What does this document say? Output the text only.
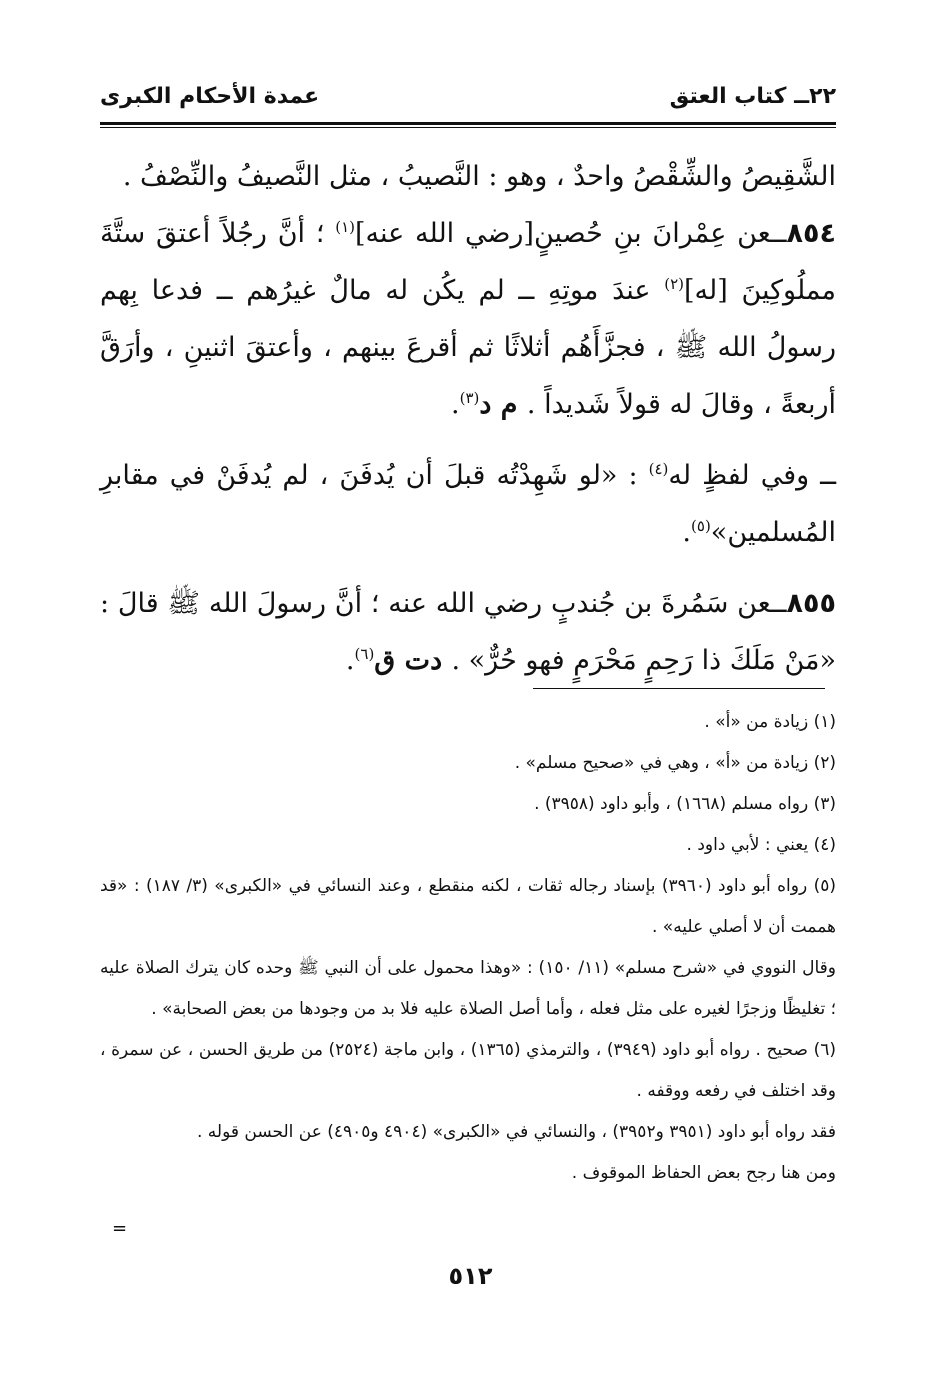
٢٢ــ كتاب العتق
عمدة الأحكام الكبرى

الشَّقِيصُ والشِّقْصُ واحدٌ ، وهو : النَّصيبُ ، مثل النَّصيفُ والنِّصْفُ .

٨٥٤ــعن عِمْرانَ بنِ حُصينٍ[رضي الله عنه]$^{(١)}$ ؛ أنَّ رجُلاً أعتقَ ستَّةَ مملُوكِينَ [له]$^{(٢)}$ عندَ موتِهِ ــ لم يكُن له مالٌ غيرُهم ــ فدعا بِهم رسولُ الله ﷺ ، فجزَّأَهُم أثلاثًا ثم أقرعَ بينهم ، وأعتقَ اثنينِ ، وأرَقَّ أربعةً ، وقالَ له قولاً شَديداً . م د$^{(٣)}$.

ــ وفي لفظٍ له$^{(٤)}$ : «لو شَهِدْتُه قبلَ أن يُدفَنَ ، لم يُدفَنْ في مقابرِ المُسلمين»$^{(٥)}$.

٨٥٥ــعن سَمُرةَ بن جُندبٍ رضي الله عنه ؛ أنَّ رسولَ الله ﷺ قالَ : «مَنْ مَلَكَ ذا رَحِمٍ مَحْرَمٍ فهو حُرٌّ» . دت ق$^{(٦)}$.

(١) زيادة من «أ» .

(٢) زيادة من «أ» ، وهي في «صحيح مسلم» .

(٣) رواه مسلم (١٦٦٨) ، وأبو داود (٣٩٥٨) .

(٤) يعني : لأبي داود .

(٥) رواه أبو داود (٣٩٦٠) بإسناد رجاله ثقات ، لكنه منقطع ، وعند النسائي في «الكبرى» (٣/ ١٨٧) : «قد هممت أن لا أصلي عليه» .

وقال النووي في «شرح مسلم» (١١/ ١٥٠) : «وهذا محمول على أن النبي ﷺ وحده كان يترك الصلاة عليه ؛ تغليظًا وزجرًا لغيره على مثل فعله ، وأما أصل الصلاة عليه فلا بد من وجودها من بعض الصحابة» .

(٦) صحيح . رواه أبو داود (٣٩٤٩) ، والترمذي (١٣٦٥) ، وابن ماجة (٢٥٢٤) من طريق الحسن ، عن سمرة ، وقد اختلف في رفعه ووقفه .

فقد رواه أبو داود (٣٩٥١ و٣٩٥٢) ، والنسائي في «الكبرى» (٤٩٠٤ و٤٩٠٥) عن الحسن قوله .

ومن هنا رجح بعض الحفاظ الموقوف .

=
٥١٢
